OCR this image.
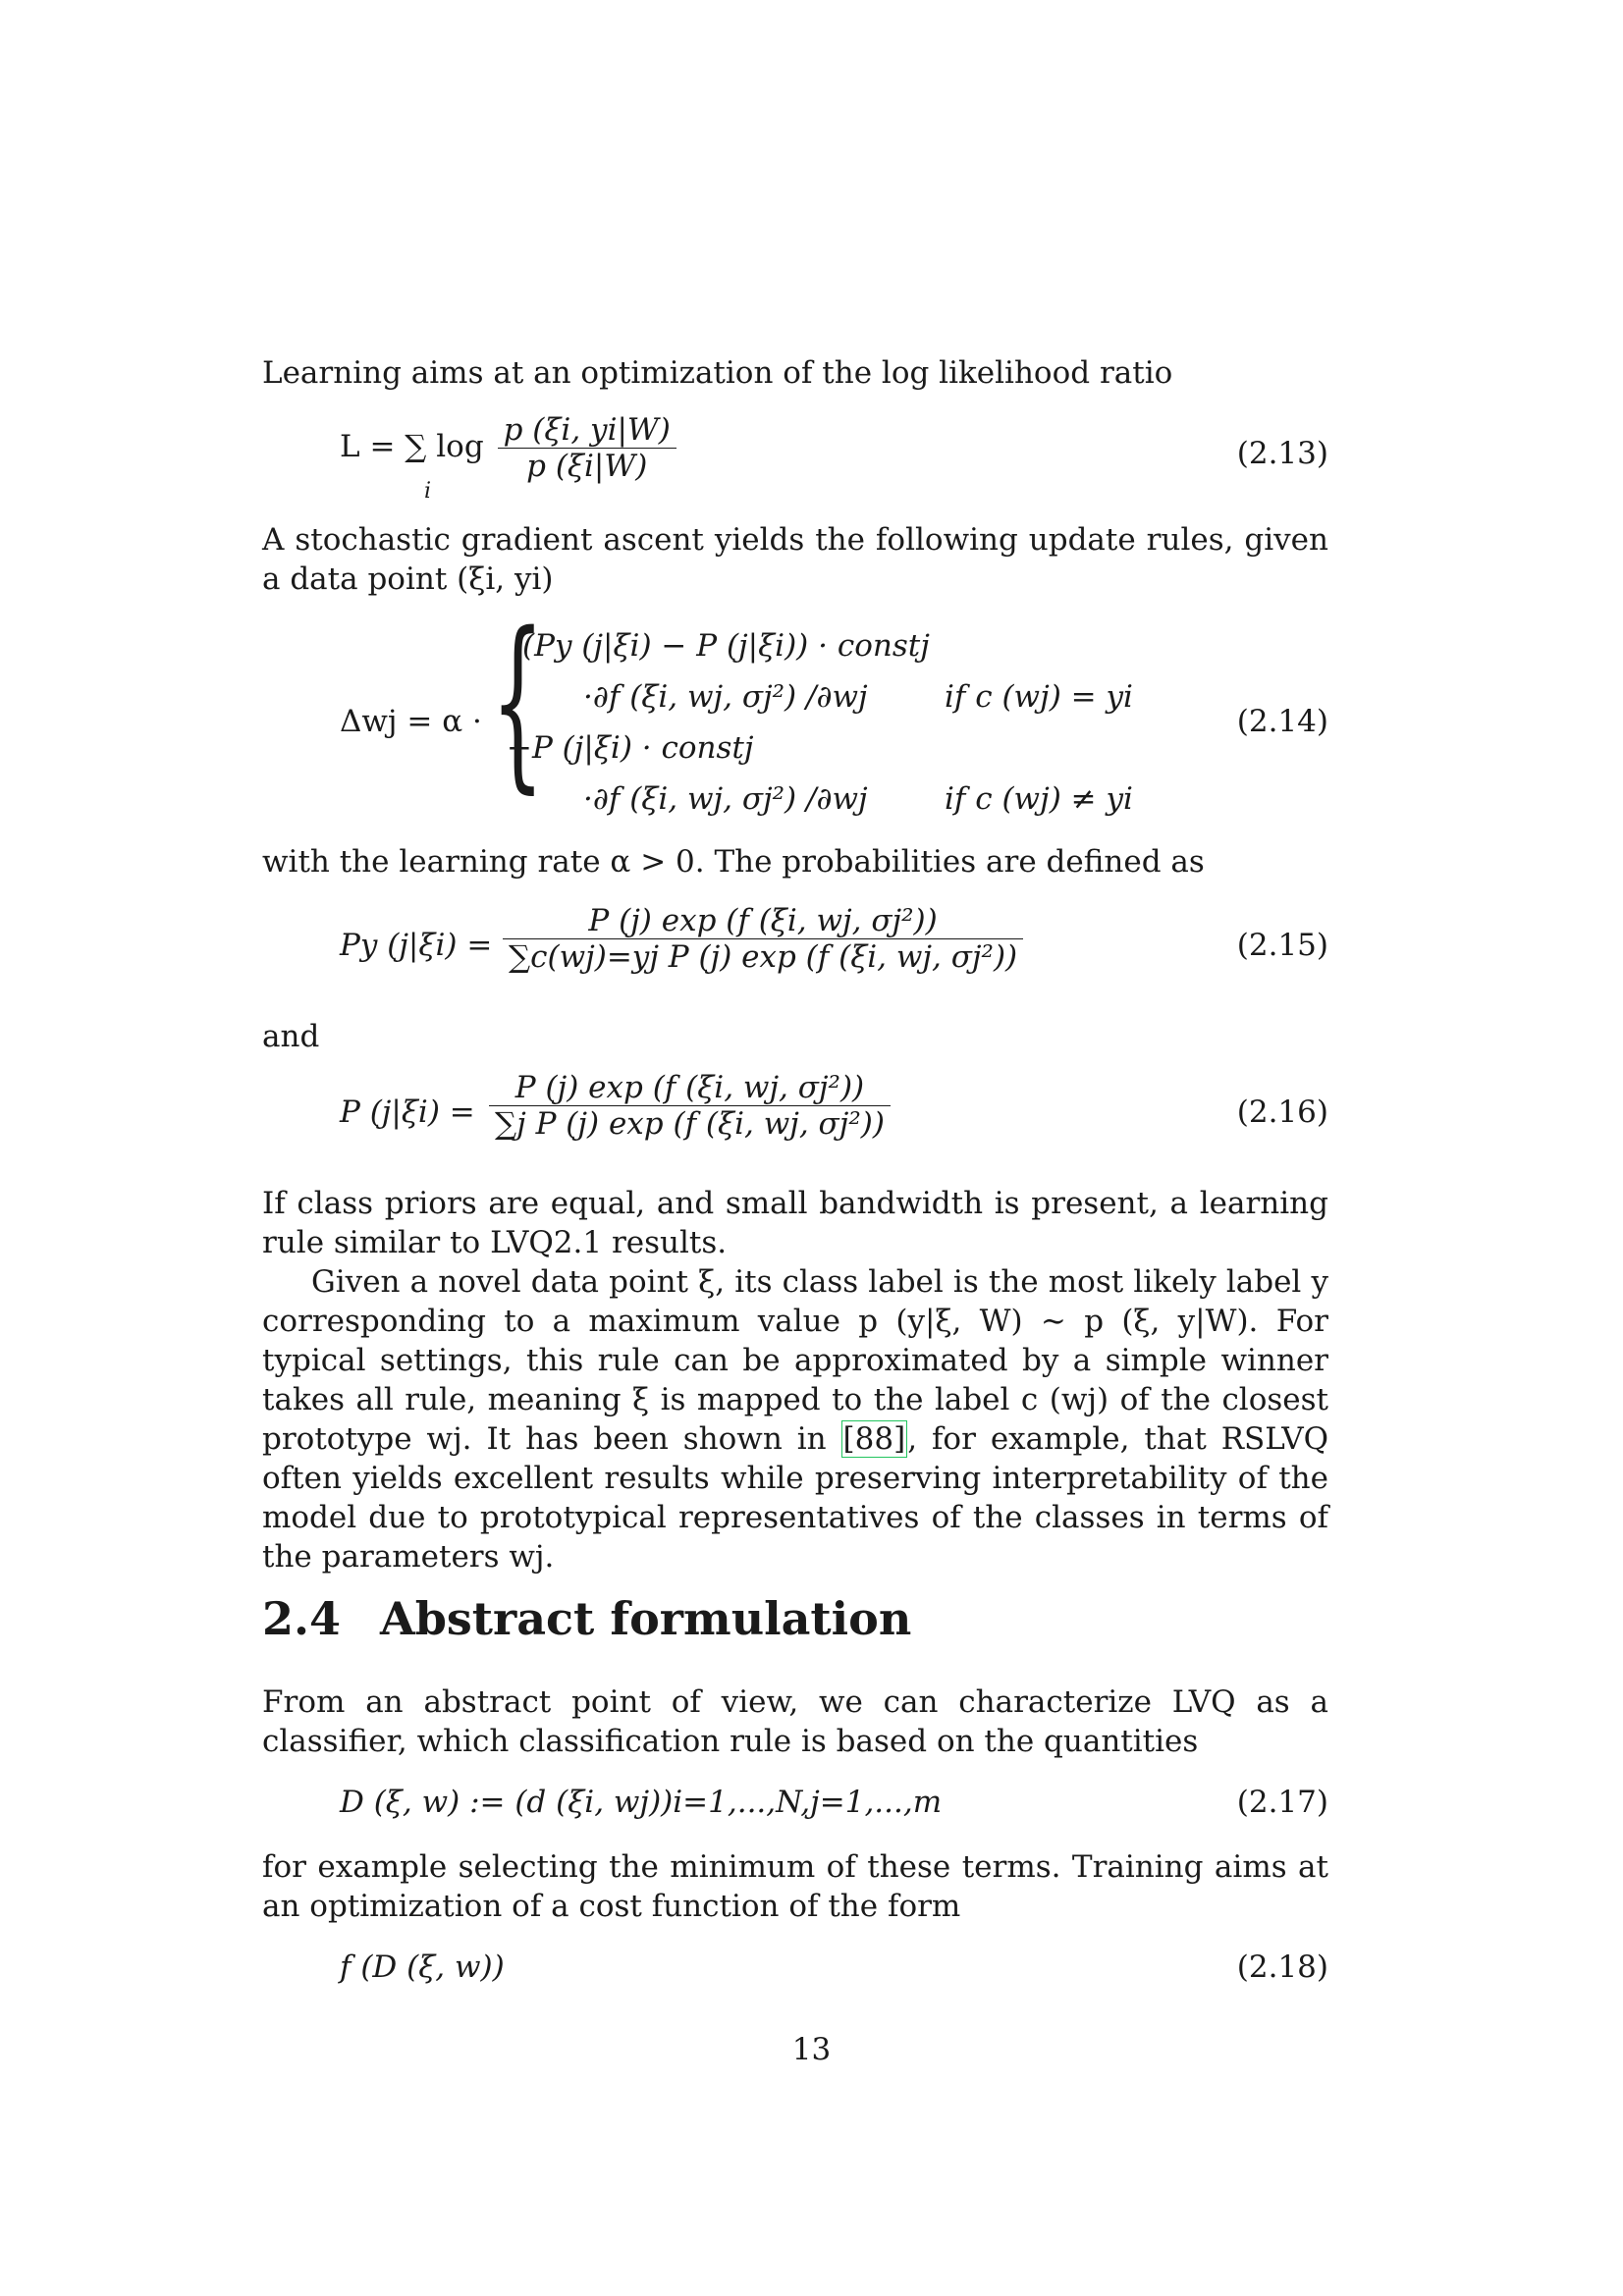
Learning aims at an optimization of the log likelihood ratio

L = ∑ $\log \frac{p (\xi i, yi|W)}{p (\xi i|W)}$
i
(2.13)

A stochastic gradient ascent yields the following update rules, given a data point (ξi, yi)

Δwj = α · {
(Py (j|ξi) − P (j|ξi)) · constj
·∂f (ξi, wj, σj²) /∂wj	if c (wj) = yi
−P (j|ξi) · constj
·∂f (ξi, wj, σj²) /∂wj	if c (wj) ≠ yi
(2.14)

with the learning rate α > 0. The probabilities are defined as

Py $(j|\xi i) = \frac{\text{P (j) exp (f (ξi, wj, σj²))}}{\text{∑c(wj)=yj P (j) exp (f (ξi, wj, σj²))}}$	(2.15)

and

P $(j|\xi i) = \frac{\text{P (j) exp (f (ξi, wj, σj²))}}{\text{∑j P (j) exp (f (ξi, wj, σj²))}}$	(2.16)

If class priors are equal, and small bandwidth is present, a learning rule similar to LVQ2.1 results.

Given a novel data point ξ, its class label is the most likely label y corresponding to a maximum value p (y|ξ, W) ∼ p (ξ, y|W). For typical settings, this rule can be approximated by a simple winner takes all rule, meaning ξ is mapped to the label c (wj) of the closest prototype wj. It has been shown in [88], for example, that RSLVQ often yields excellent results while preserving interpretability of the model due to prototypical representatives of the classes in terms of the parameters wj.

2.4 Abstract formulation

From an abstract point of view, we can characterize LVQ as a classifier, which classification rule is based on the quantities

D (ξ, w) := (d (ξi, wj))i=1,...,N,j=1,...,m	(2.17)

for example selecting the minimum of these terms. Training aims at an optimization of a cost function of the form

f (D (ξ, w))	(2.18)
13
